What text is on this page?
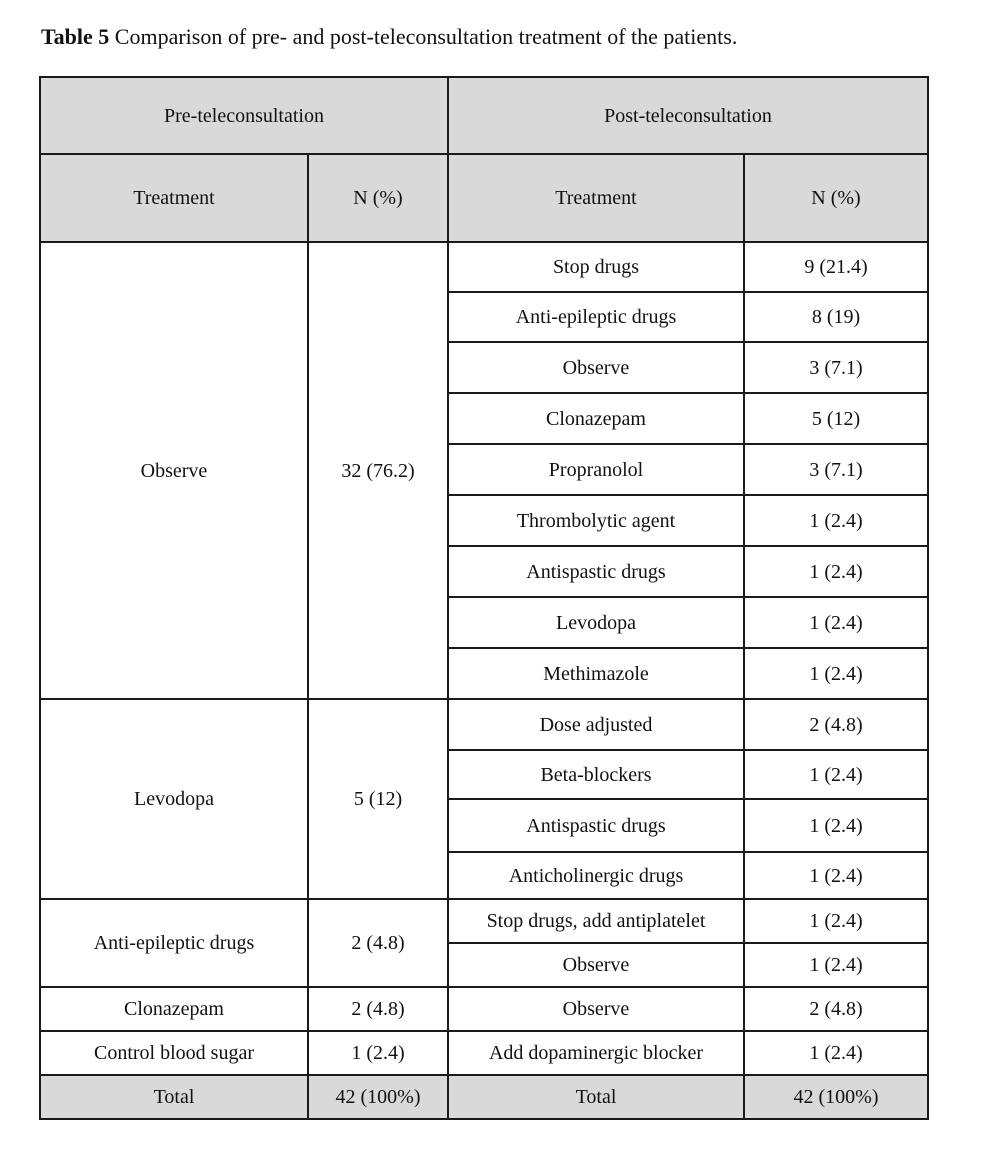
Table 5 Comparison of pre- and post-teleconsultation treatment of the patients.
Pre-teleconsultation		Post-teleconsultation	
Treatment	N (%)	Treatment	N (%)
Observe	32 (76.2)	Stop drugs	9 (21.4)
		Anti-epileptic drugs	8 (19)
		Observe	3 (7.1)
		Clonazepam	5 (12)
		Propranolol	3 (7.1)
		Thrombolytic agent	1 (2.4)
		Antispastic drugs	1 (2.4)
		Levodopa	1 (2.4)
		Methimazole	1 (2.4)
Levodopa	5 (12)	Dose adjusted	2 (4.8)
		Beta-blockers	1 (2.4)
		Antispastic drugs	1 (2.4)
		Anticholinergic drugs	1 (2.4)
Anti-epileptic drugs	2 (4.8)	Stop drugs, add antiplatelet	1 (2.4)
		Observe	1 (2.4)
Clonazepam	2 (4.8)	Observe	2 (4.8)
Control blood sugar	1 (2.4)	Add dopaminergic blocker	1 (2.4)
Total	42 (100%)	Total	42 (100%)
